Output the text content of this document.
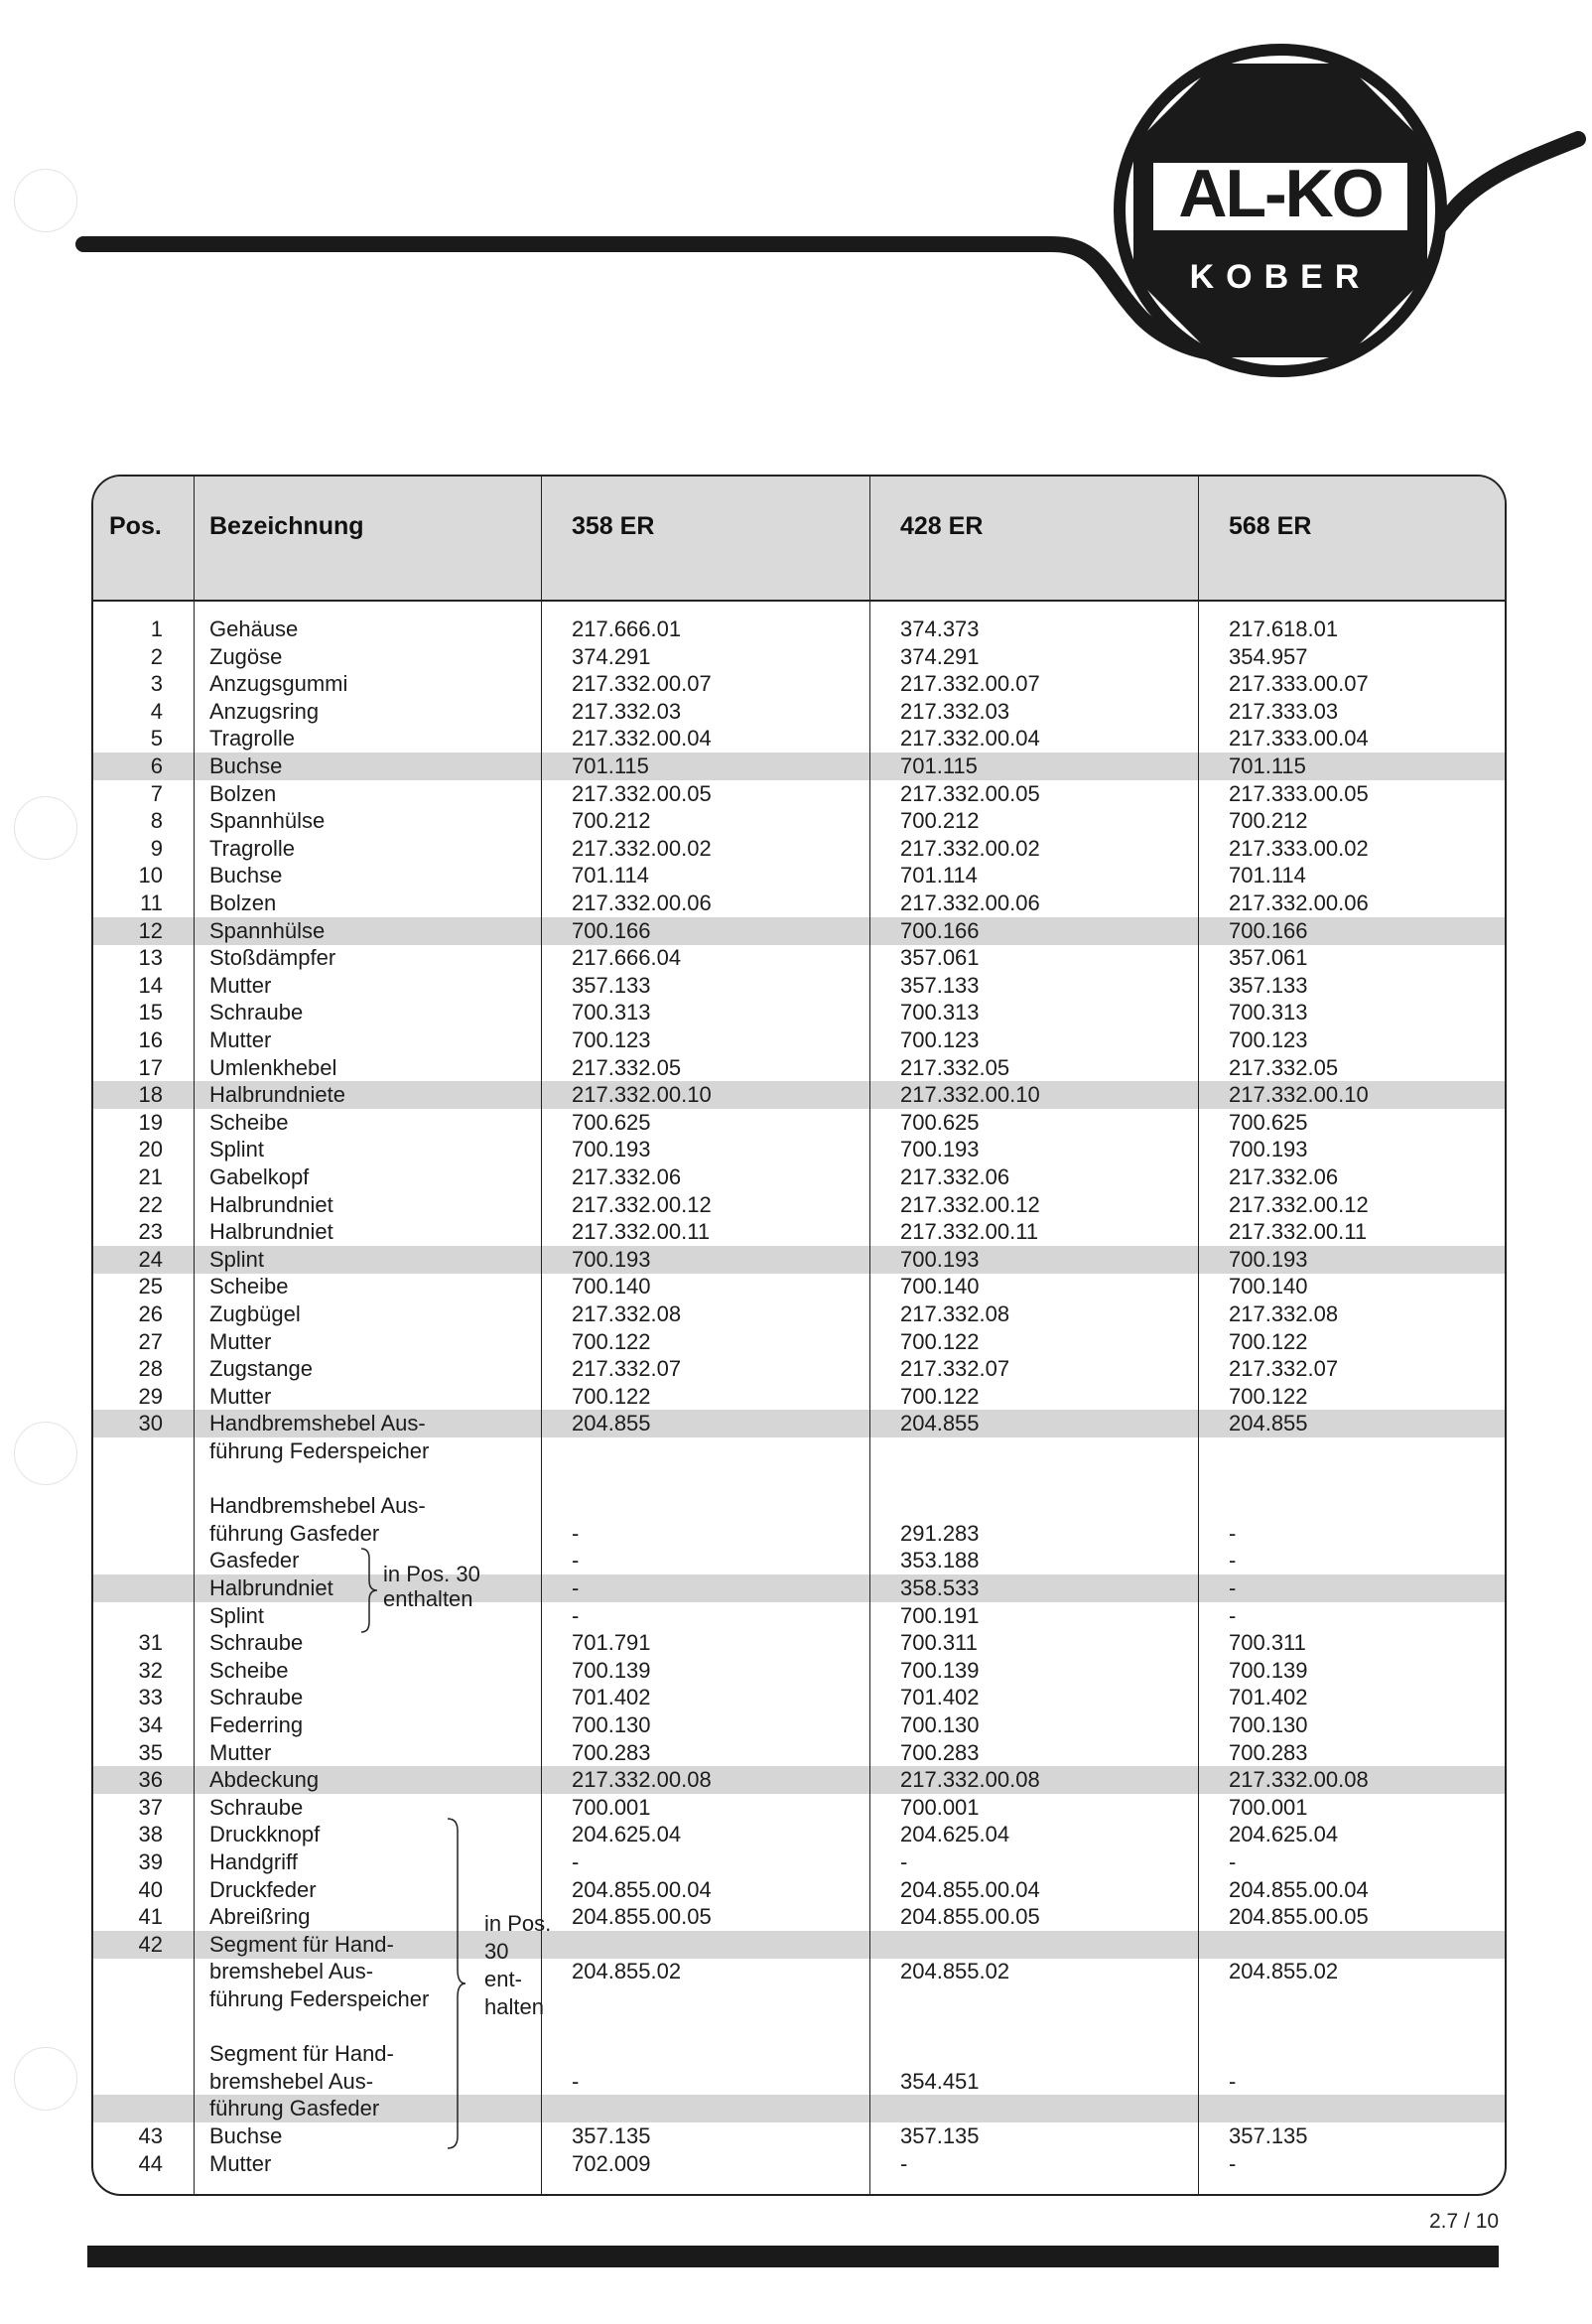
AL-KO
KOBER
Pos. Bezeichnung	358 ER	428 ER	568 ER
1 Gehäuse	217.666.01	374.373	217.618.01
2 Zugöse	374.291	374.291	354.957
3 Anzugsgummi	217.332.00.07	217.332.00.07	217.333.00.07
4 Anzugsring	217.332.03	217.332.03	217.333.03
5 Tragrolle	217.332.00.04	217.332.00.04	217.333.00.04
6 Buchse	701.115	701.115	701.115
7 Bolzen	217.332.00.05	217.332.00.05	217.333.00.05
8 Spannhülse	700.212	700.212	700.212
9 Tragrolle	217.332.00.02	217.332.00.02	217.333.00.02
10 Buchse	701.114	701.114	701.114
11 Bolzen	217.332.00.06	217.332.00.06	217.332.00.06
12 Spannhülse	700.166	700.166	700.166
13 Stoßdämpfer	217.666.04	357.061	357.061
14 Mutter	357.133	357.133	357.133
15 Schraube	700.313	700.313	700.313
16 Mutter	700.123	700.123	700.123
17 Umlenkhebel	217.332.05	217.332.05	217.332.05
18 Halbrundniete	217.332.00.10	217.332.00.10	217.332.00.10
19 Scheibe	700.625	700.625	700.625
20 Splint	700.193	700.193	700.193
21 Gabelkopf	217.332.06	217.332.06	217.332.06
22 Halbrundniet	217.332.00.12	217.332.00.12	217.332.00.12
23 Halbrundniet	217.332.00.11	217.332.00.11	217.332.00.11
24 Splint	700.193	700.193	700.193
25 Scheibe	700.140	700.140	700.140
26 Zugbügel	217.332.08	217.332.08	217.332.08
27 Mutter	700.122	700.122	700.122
28 Zugstange	217.332.07	217.332.07	217.332.07
29 Mutter	700.122	700.122	700.122
30 Handbremshebel Aus-	204.855	204.855	204.855
führung Federspeicher
Handbremshebel Aus-
führung Gasfeder	-	291.283	-
Gasfeder	-	353.188	-
Halbrundniet	-	358.533	-
Splint	-	700.191	-
31 Schraube	701.791	700.311	700.311
32 Scheibe	700.139	700.139	700.139
33 Schraube	701.402	701.402	701.402
34 Federring	700.130	700.130	700.130
35 Mutter	700.283	700.283	700.283
36 Abdeckung	217.332.00.08	217.332.00.08	217.332.00.08
37 Schraube	700.001	700.001	700.001
38 Druckknopf	204.625.04	204.625.04	204.625.04
39 Handgriff	-	-	-
40 Druckfeder	204.855.00.04	204.855.00.04	204.855.00.04
41 Abreißring	204.855.00.05	204.855.00.05	204.855.00.05
42 Segment für Hand-
bremshebel Aus-	204.855.02	204.855.02	204.855.02
führung Federspeicher
Segment für Hand-
bremshebel Aus-	-	354.451	-
führung Gasfeder
43 Buchse	357.135	357.135	357.135
44 Mutter	702.009	-	-
in Pos. 30
enthalten
in Pos.
30
ent-
halten
2.7 / 10
